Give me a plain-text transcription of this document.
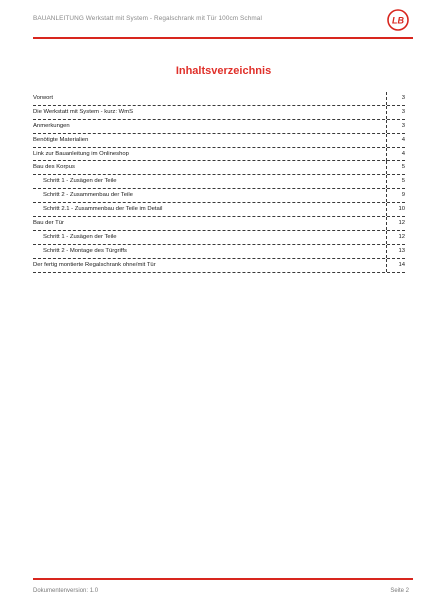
BAUANLEITUNG Werkstatt mit System - Regalschrank mit Tür 100cm Schmal	LB
Inhaltsverzeichnis
Vorwort	3
Die Werkstatt mit System - kurz: WmS	3
Anmerkungen	3
Benötigte Materialien	4
Link zur Bauanleitung im Onlineshop	4
Bau des Korpus	5
Schritt 1 - Zusägen der Teile	5
Schritt 2 - Zusammenbau der Teile	9
Schritt 2.1 - Zusammenbau der Teile im Detail	10
Bau der Tür	12
Schritt 1 - Zusägen der Teile	12
Schritt 2 - Montage des Türgriffs	13
Der fertig montierte Regalschrank ohne/mit Tür	14
Dokumentenversion: 1.0	Seite 2
